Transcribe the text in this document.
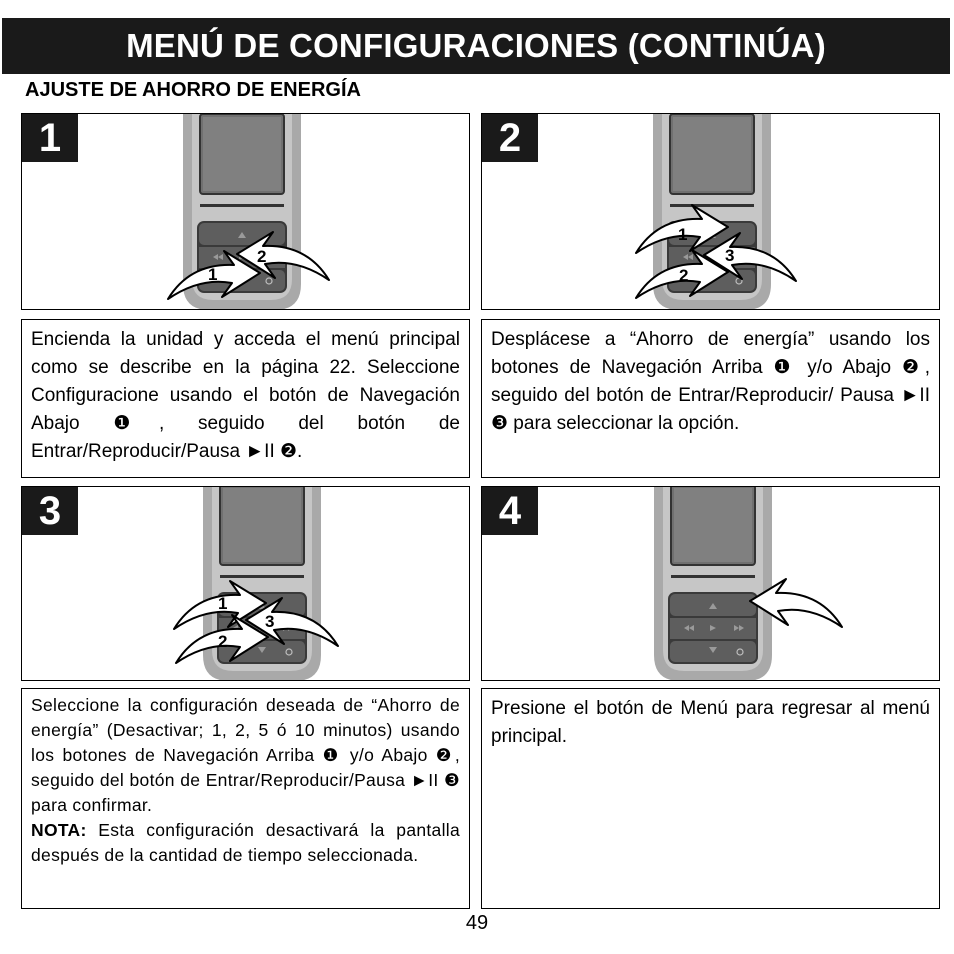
MENÚ DE CONFIGURACIONES (CONTINÚA)
AJUSTE DE AHORRO DE ENERGÍA
1
2
1
2
1
3
2
Encienda la unidad y acceda el menú principal como se describe en la página 22. Seleccione Configuracione usando el botón de Navegación Abajo ❶, seguido del botón de Entrar/Reproducir/Pausa ►II ❷.
Desplácese a “Ahorro de energía” usando los botones de Navegación Arriba ❶ y/o Abajo ❷, seguido del botón de Entrar/Reproducir/ Pausa ►II ❸ para seleccionar la opción.
3
1
3
2
4
Seleccione la configuración deseada de “Ahorro de energía” (Desactivar; 1, 2, 5 ó 10 minutos) usando los botones de Navegación Arriba ❶ y/o Abajo ❷, seguido del botón de Entrar/Reproducir/Pausa ►II ❸ para confirmar.
NOTA: Esta configuración desactivará la pantalla después de la cantidad de tiempo seleccionada.
Presione el botón de Menú para regresar al menú principal.
49
